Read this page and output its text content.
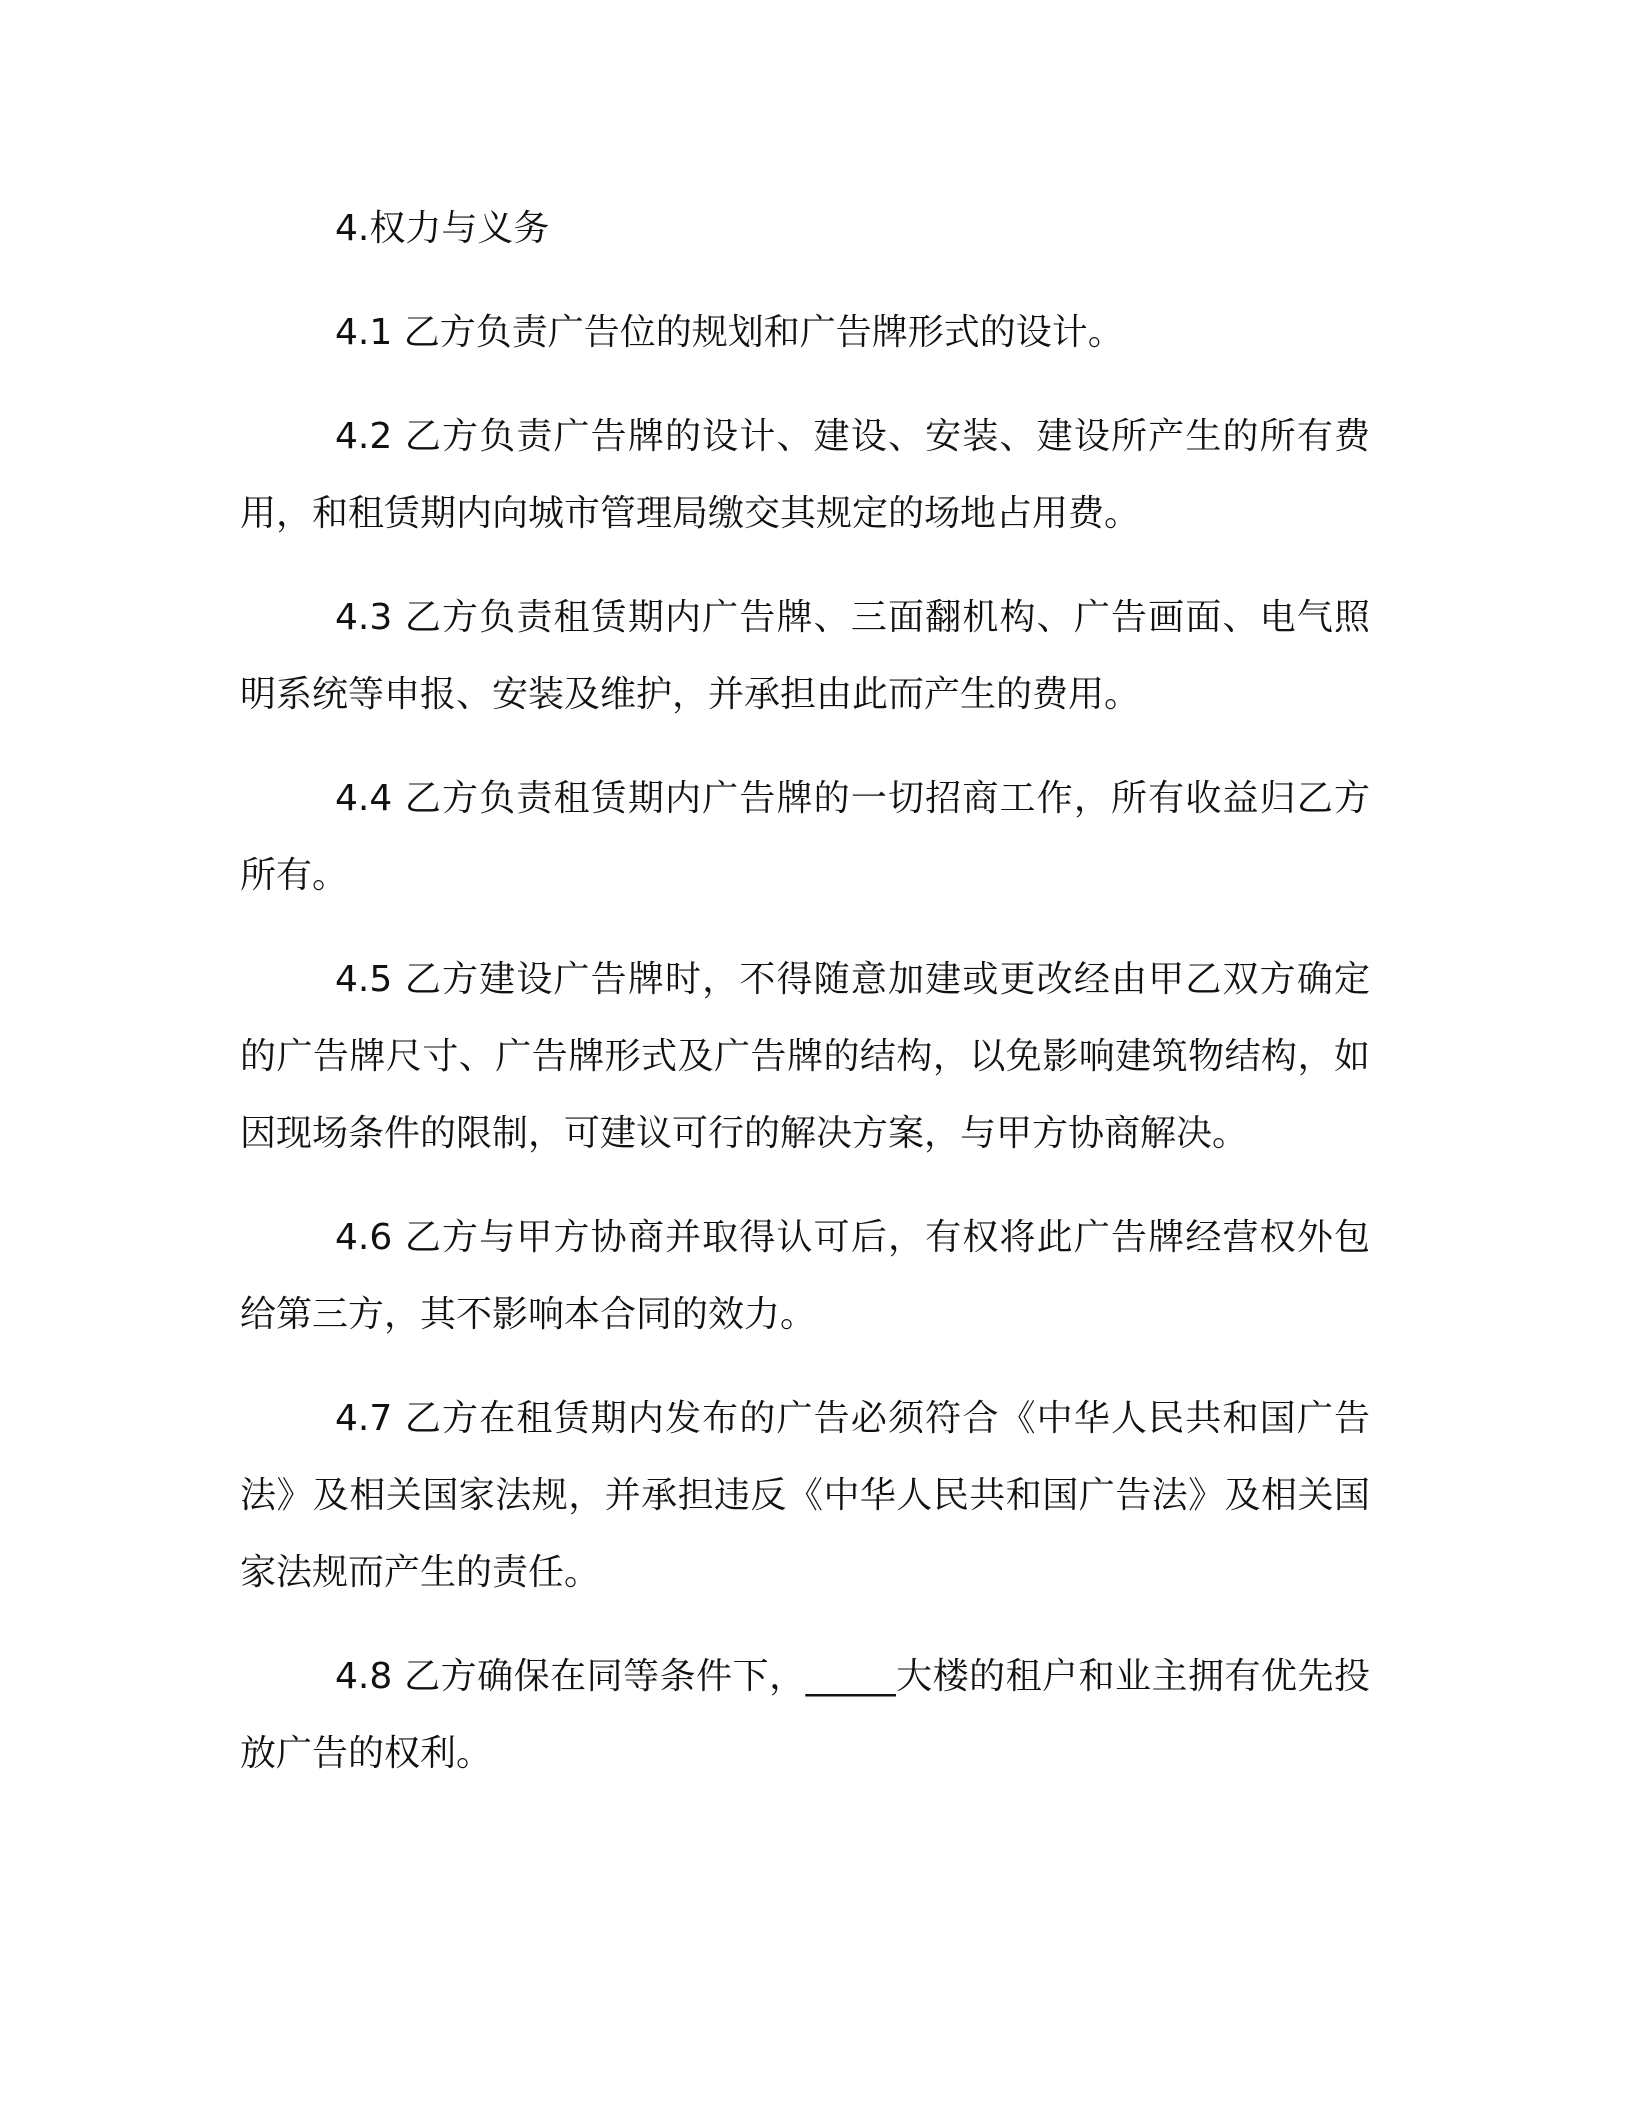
4.权力与义务

4.1 乙方负责广告位的规划和广告牌形式的设计。

4.2 乙方负责广告牌的设计、建设、安装、建设所产生的所有费用，和租赁期内向城市管理局缴交其规定的场地占用费。

4.3 乙方负责租赁期内广告牌、三面翻机构、广告画面、电气照明系统等申报、安装及维护，并承担由此而产生的费用。

4.4 乙方负责租赁期内广告牌的一切招商工作，所有收益归乙方所有。

4.5 乙方建设广告牌时，不得随意加建或更改经由甲乙双方确定的广告牌尺寸、广告牌形式及广告牌的结构，以免影响建筑物结构，如因现场条件的限制，可建议可行的解决方案，与甲方协商解决。

4.6 乙方与甲方协商并取得认可后，有权将此广告牌经营权外包给第三方，其不影响本合同的效力。

4.7 乙方在租赁期内发布的广告必须符合《中华人民共和国广告法》及相关国家法规，并承担违反《中华人民共和国广告法》及相关国家法规而产生的责任。

4.8 乙方确保在同等条件下，_____大楼的租户和业主拥有优先投放广告的权利。
